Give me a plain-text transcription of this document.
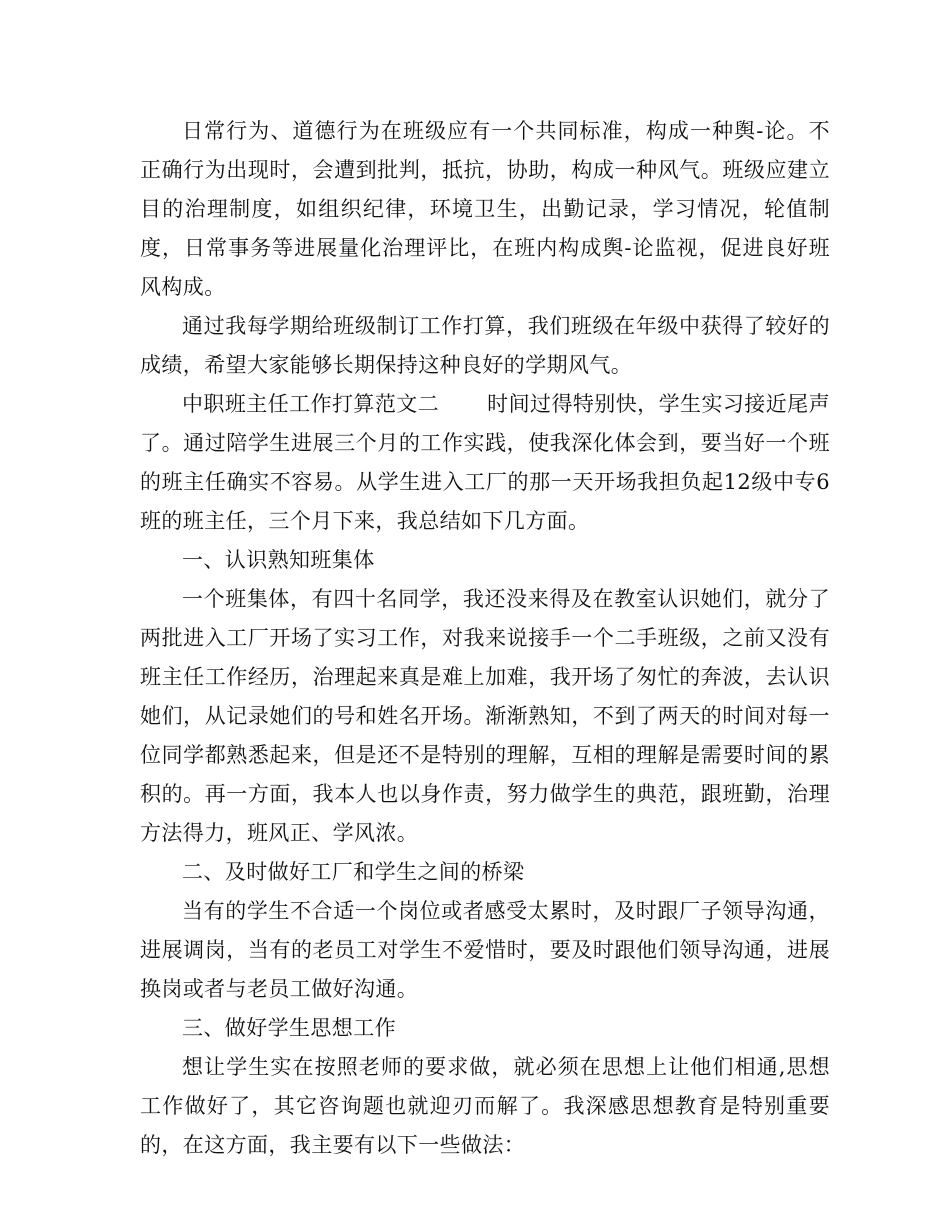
日常行为、道德行为在班级应有一个共同标准，构成一种舆-论。不正确行为出现时，会遭到批判，抵抗，协助，构成一种风气。班级应建立目的治理制度，如组织纪律，环境卫生，出勤记录，学习情况，轮值制度，日常事务等进展量化治理评比，在班内构成舆-论监视，促进良好班风构成。

通过我每学期给班级制订工作打算，我们班级在年级中获得了较好的成绩，希望大家能够长期保持这种良好的学期风气。

中职班主任工作打算范文二 时间过得特别快，学生实习接近尾声了。通过陪学生进展三个月的工作实践，使我深化体会到，要当好一个班的班主任确实不容易。从学生进入工厂的那一天开场我担负起12级中专6班的班主任，三个月下来，我总结如下几方面。

一、认识熟知班集体

一个班集体，有四十名同学，我还没来得及在教室认识她们，就分了两批进入工厂开场了实习工作，对我来说接手一个二手班级，之前又没有班主任工作经历，治理起来真是难上加难，我开场了匆忙的奔波，去认识她们，从记录她们的号和姓名开场。渐渐熟知，不到了两天的时间对每一位同学都熟悉起来，但是还不是特别的理解，互相的理解是需要时间的累积的。再一方面，我本人也以身作责，努力做学生的典范，跟班勤，治理方法得力，班风正、学风浓。

二、及时做好工厂和学生之间的桥梁

当有的学生不合适一个岗位或者感受太累时，及时跟厂子领导沟通，进展调岗，当有的老员工对学生不爱惜时，要及时跟他们领导沟通，进展换岗或者与老员工做好沟通。

三、做好学生思想工作

想让学生实在按照老师的要求做，就必须在思想上让他们相通,思想工作做好了，其它咨询题也就迎刃而解了。我深感思想教育是特别重要的，在这方面，我主要有以下一些做法：
